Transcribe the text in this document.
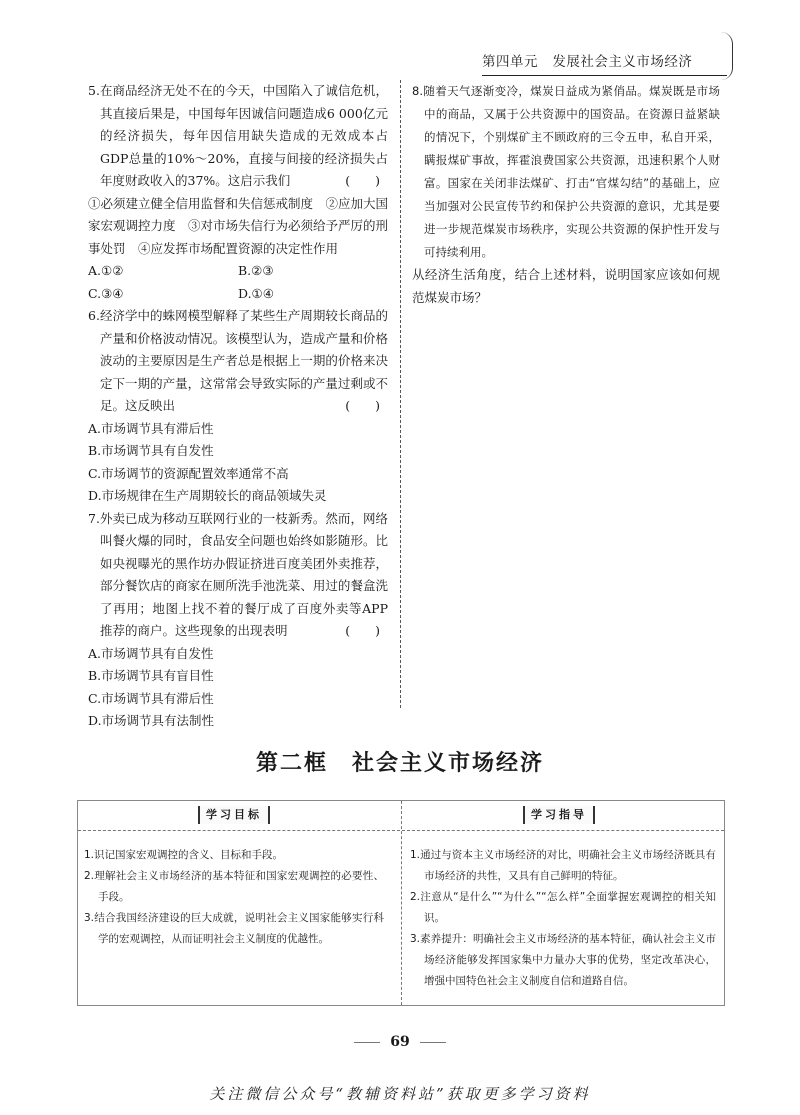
第四单元 发展社会主义市场经济
5.在商品经济无处不在的今天，中国陷入了诚信危机，其直接后果是，中国每年因诚信问题造成6 000亿元的经济损失，每年因信用缺失造成的无效成本占GDP总量的10%～20%，直接与间接的经济损失占年度财政收入的37%。这启示我们	(　　)
①必须建立健全信用监督和失信惩戒制度　②应加大国家宏观调控力度　③对市场失信行为必须给予严厉的刑事处罚　④应发挥市场配置资源的决定性作用
A.①②	B.②③
C.③④	D.①④
6.经济学中的蛛网模型解释了某些生产周期较长商品的产量和价格波动情况。该模型认为，造成产量和价格波动的主要原因是生产者总是根据上一期的价格来决定下一期的产量，这常常会导致实际的产量过剩或不足。这反映出	(　　)
A.市场调节具有滞后性
B.市场调节具有自发性
C.市场调节的资源配置效率通常不高
D.市场规律在生产周期较长的商品领域失灵
7.外卖已成为移动互联网行业的一枝新秀。然而，网络叫餐火爆的同时，食品安全问题也始终如影随形。比如央视曝光的黑作坊办假证挤进百度美团外卖推荐，部分餐饮店的商家在厕所洗手池洗菜、用过的餐盒洗了再用；地图上找不着的餐厅成了百度外卖等APP推荐的商户。这些现象的出现表明	(　　)
A.市场调节具有自发性
B.市场调节具有盲目性
C.市场调节具有滞后性
D.市场调节具有法制性
8.随着天气逐渐变冷，煤炭日益成为紧俏品。煤炭既是市场中的商品，又属于公共资源中的国资品。在资源日益紧缺的情况下，个别煤矿主不顾政府的三令五申，私自开采，瞒报煤矿事故，挥霍浪费国家公共资源，迅速积累个人财富。国家在关闭非法煤矿、打击“官煤勾结”的基础上，应当加强对公民宣传节约和保护公共资源的意识，尤其是要进一步规范煤炭市场秩序，实现公共资源的保护性开发与可持续利用。
从经济生活角度，结合上述材料，说明国家应该如何规范煤炭市场？
第二框　社会主义市场经济
学习目标	学习指导
1.识记国家宏观调控的含义、目标和手段。
2.理解社会主义市场经济的基本特征和国家宏观调控的必要性、手段。
3.结合我国经济建设的巨大成就，说明社会主义国家能够实行科学的宏观调控，从而证明社会主义制度的优越性。
1.通过与资本主义市场经济的对比，明确社会主义市场经济既具有市场经济的共性，又具有自己鲜明的特征。
2.注意从“是什么”“为什么”“怎么样”全面掌握宏观调控的相关知识。
3.素养提升：明确社会主义市场经济的基本特征，确认社会主义市场经济能够发挥国家集中力量办大事的优势，坚定改革决心，增强中国特色社会主义制度自信和道路自信。
69
关注微信公众号“教辅资料站”获取更多学习资料
